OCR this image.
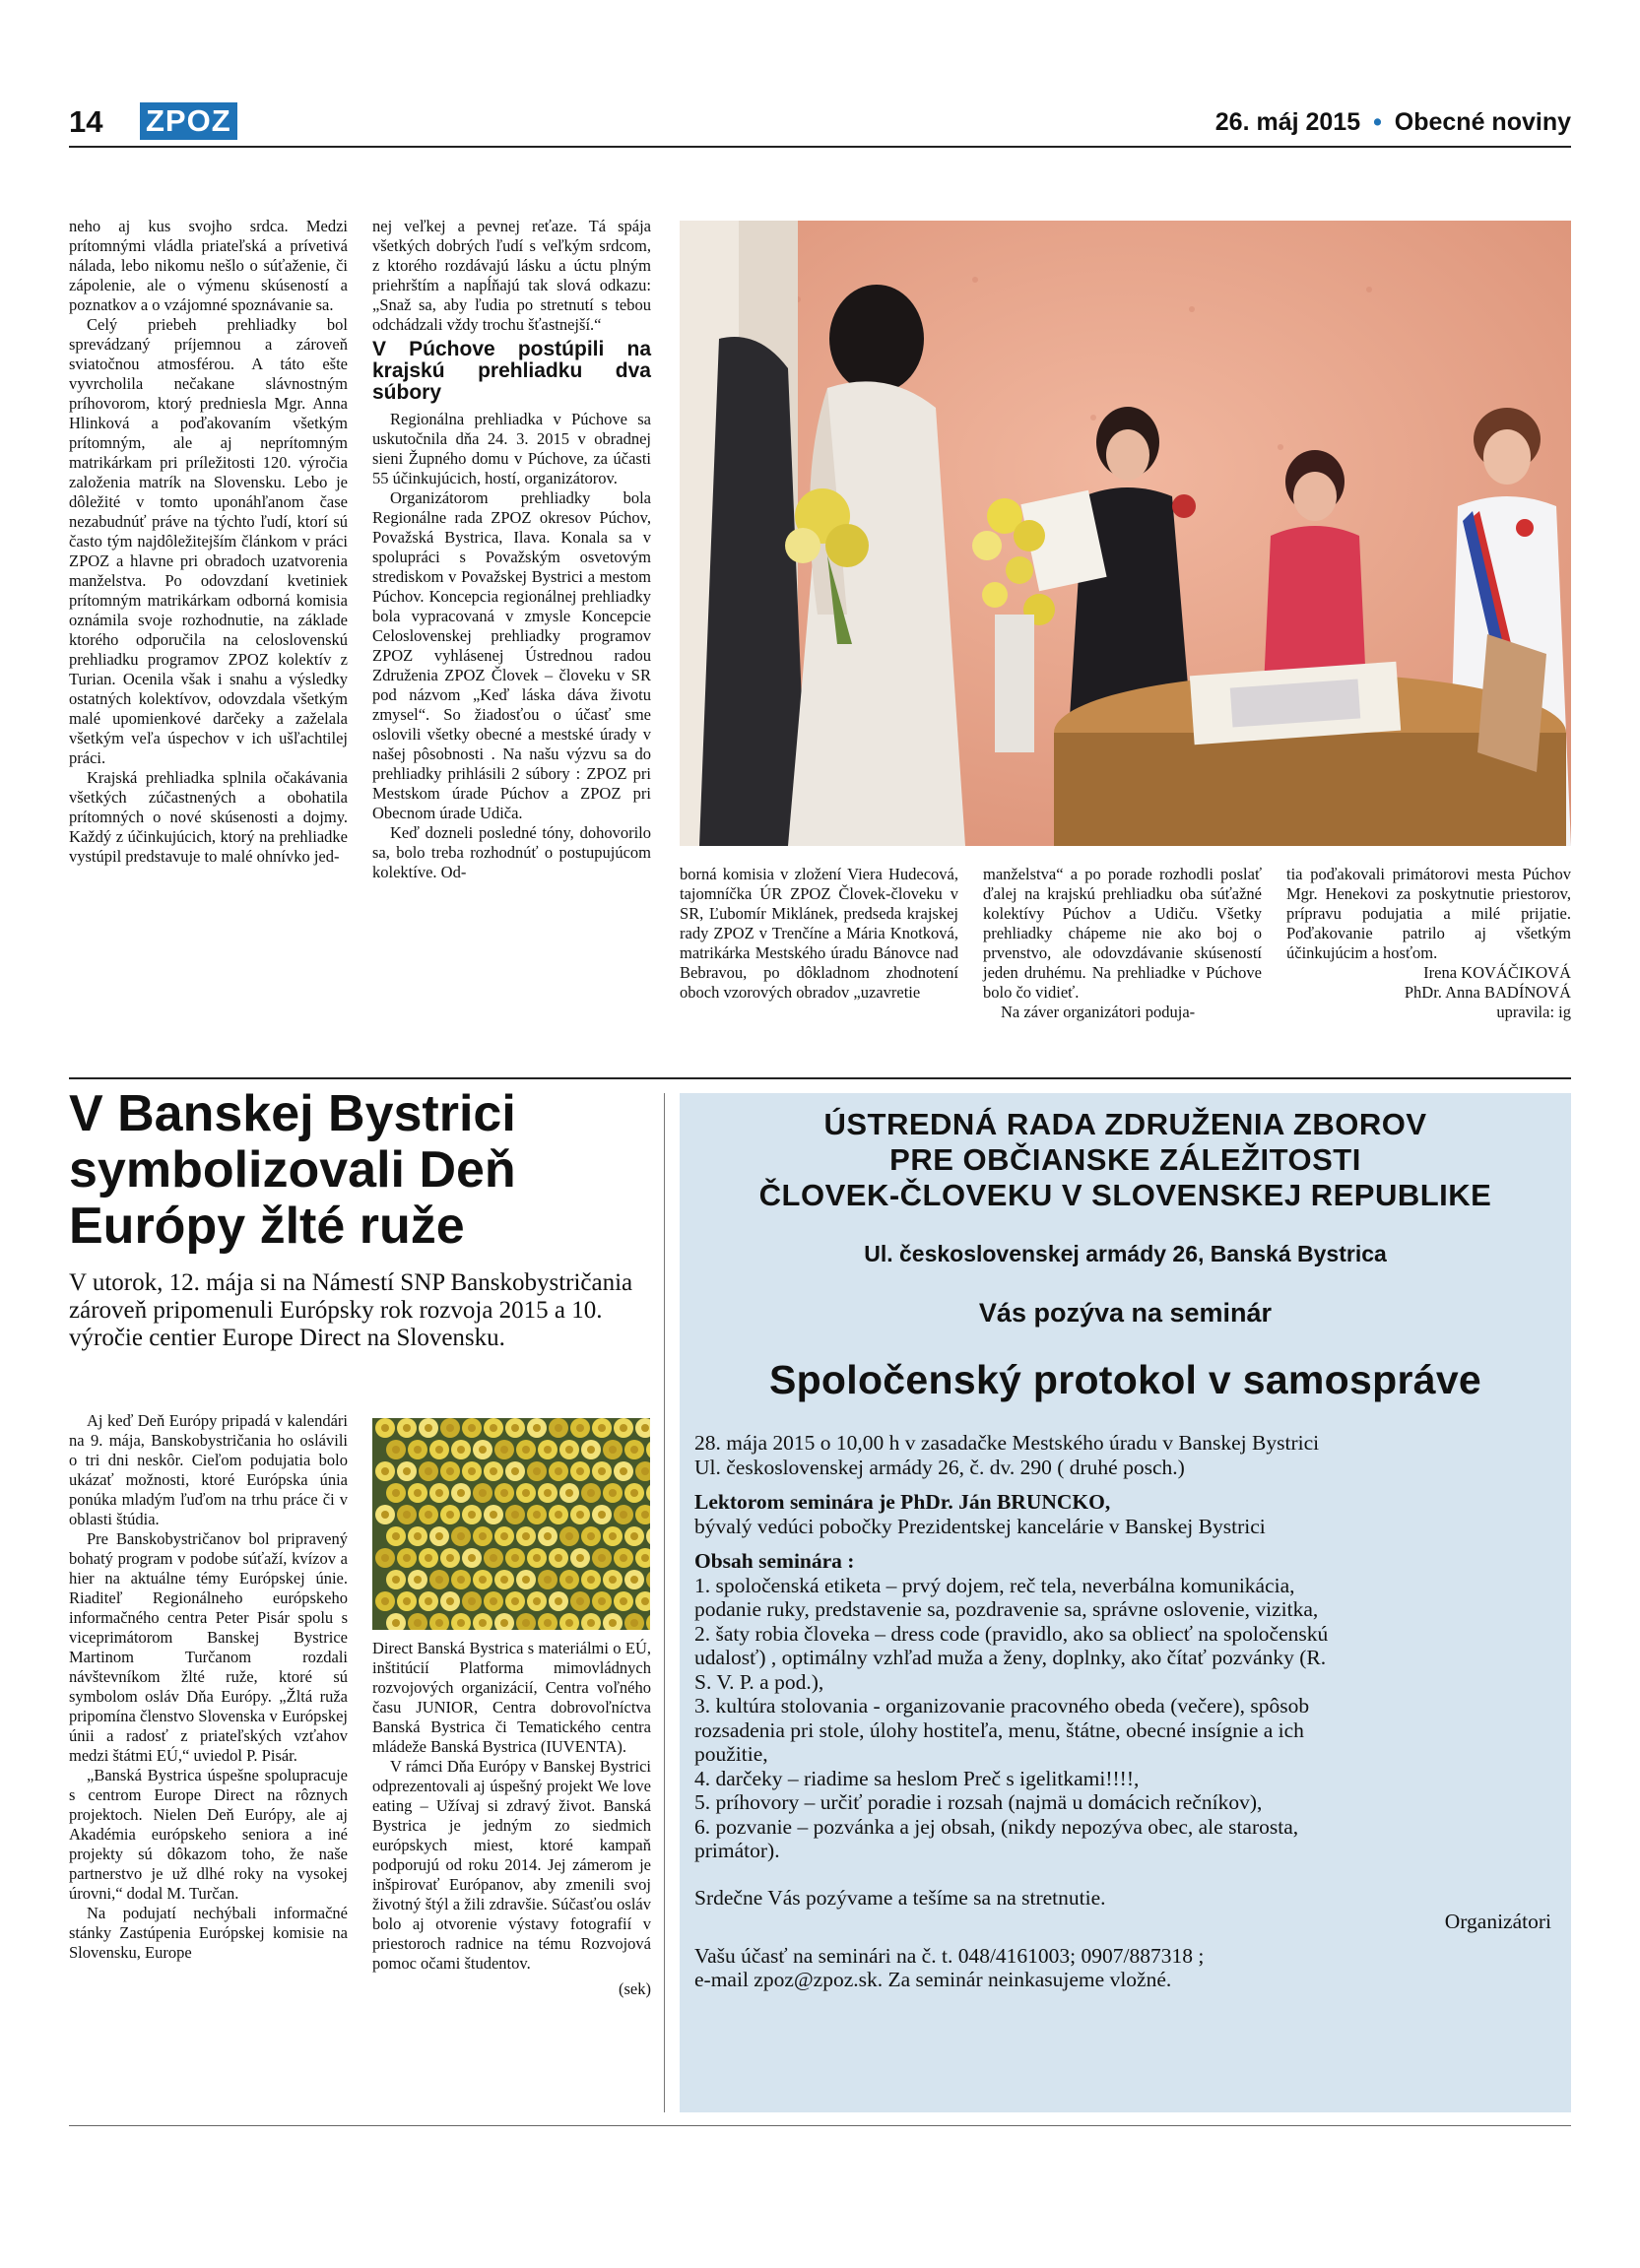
14 ZPOZ	26. máj 2015 • Obecné noviny

neho aj kus svojho srdca. Medzi prítomnými vládla priateľská a prívetivá nálada, lebo nikomu nešlo o súťaženie, či zápolenie, ale o výmenu skúseností a poznatkov a o vzájomné spoznávanie sa.

Celý priebeh prehliadky bol sprevádzaný príjemnou a zároveň sviatočnou atmosférou. A táto ešte vyvrcholila nečakane slávnostným príhovorom, ktorý predniesla Mgr. Anna Hlinková a poďakovaním všetkým prítomným, ale aj neprítomným matrikárkam pri príležitosti 120. výročia založenia matrík na Slovensku. Lebo je dôležité v tomto uponáhľanom čase nezabudnúť práve na týchto ľudí, ktorí sú často tým najdôležitejším článkom v práci ZPOZ a hlavne pri obradoch uzatvorenia manželstva. Po odovzdaní kvetiniek prítomným matrikárkam odborná komisia oznámila svoje rozhodnutie, na základe ktorého odporučila na celoslovenskú prehliadku programov ZPOZ kolektív z Turian. Ocenila však i snahu a výsledky ostatných kolektívov, odovzdala všetkým malé upomienkové darčeky a zaželala všetkým veľa úspechov v ich ušľachtilej práci.

Krajská prehliadka splnila očakávania všetkých zúčastnených a obohatila prítomných o nové skúsenosti a dojmy. Každý z účinkujúcich, ktorý na prehliadke vystúpil predstavuje to malé ohnívko jed-

nej veľkej a pevnej reťaze. Tá spája všetkých dobrých ľudí s veľkým srdcom, z ktorého rozdávajú lásku a úctu plným priehrštím a napĺňajú tak slová odkazu: „Snaž sa, aby ľudia po stretnutí s tebou odchádzali vždy trochu šťastnejší.“

V Púchove postúpili na krajskú prehliadku dva súbory

Regionálna prehliadka v Púchove sa uskutočnila dňa 24. 3. 2015 v obradnej sieni Župného domu v Púchove, za účasti 55 účinkujúcich, hostí, organizátorov.

Organizátorom prehliadky bola Regionálne rada ZPOZ okresov Púchov, Považská Bystrica, Ilava. Konala sa v spolupráci s Považským osvetovým strediskom v Považskej Bystrici a mestom Púchov. Koncepcia regionálnej prehliadky bola vypracovaná v zmysle Koncepcie Celoslovenskej prehliadky programov ZPOZ vyhlásenej Ústrednou radou Združenia ZPOZ Človek – človeku v SR pod názvom „Keď láska dáva životu zmysel“. So žiadosťou o účasť sme oslovili všetky obecné a mestské úrady v našej pôsobnosti . Na našu výzvu sa do prehliadky prihlásili 2 súbory : ZPOZ pri Mestskom úrade Púchov a ZPOZ pri Obecnom úrade Udiča.

Keď dozneli posledné tóny, dohovorilo sa, bolo treba rozhodnúť o postupujúcom kolektíve. Od-	borná komisia v zložení Viera Hudecová, tajomníčka ÚR ZPOZ Človek-človeku v SR, Ľubomír Miklánek, predseda krajskej rady ZPOZ v Trenčíne a Mária Knotková, matrikárka Mestského úradu Bánovce nad Bebravou, po dôkladnom zhodnotení oboch vzorových obradov „uzavretie

manželstva“ a po porade rozhodli poslať ďalej na krajskú prehliadku oba súťažné kolektívy Púchov a Udiču. Všetky prehliadky chápeme nie ako boj o prvenstvo, ale odovzdávanie skúseností jeden druhému. Na prehliadke v Púchove bolo čo vidieť.

Na záver organizátori poduja-

tia poďakovali primátorovi mesta Púchov Mgr. Henekovi za poskytnutie priestorov, prípravu podujatia a milé prijatie. Poďakovanie patrilo aj všetkým účinkujúcim a hosťom.

Irena KOVÁČIKOVÁ
PhDr. Anna BADÍNOVÁ
upravila: ig
V Banskej Bystrici
symbolizovali Deň
Európy žlté ruže
V utorok, 12. mája si na Námestí SNP Banskobystričania zároveň pripomenuli Európsky rok rozvoja 2015 a 10. výročie centier Europe Direct na Slovensku.

Aj keď Deň Európy pripadá v kalendári na 9. mája, Banskobystričania ho oslávili o tri dni neskôr. Cieľom podujatia bolo ukázať možnosti, ktoré Európska únia ponúka mladým ľuďom na trhu práce či v oblasti štúdia.

Pre Banskobystričanov bol pripravený bohatý program v podobe súťaží, kvízov a hier na aktuálne témy Európskej únie. Riaditeľ Regionálneho európskeho informačného centra Peter Pisár spolu s viceprimátorom Banskej Bystrice Martinom Turčanom rozdali návštevníkom žlté ruže, ktoré sú symbolom osláv Dňa Európy. „Žltá ruža pripomína členstvo Slovenska v Európskej únii a radosť z priateľských vzťahov medzi štátmi EÚ,“ uviedol P. Pisár.

„Banská Bystrica úspešne spolupracuje s centrom Europe Direct na rôznych projektoch. Nielen Deň Európy, ale aj Akadémia európskeho seniora a iné projekty sú dôkazom toho, že naše partnerstvo je už dlhé roky na vysokej úrovni,“ dodal M. Turčan.

Na podujatí nechýbali informačné stánky Zastúpenia Európskej komisie na Slovensku, Europe

Direct Banská Bystrica s materiálmi o EÚ, inštitúcií Platforma mimovládnych rozvojových organizácií, Centra voľného času JUNIOR, Centra dobrovoľníctva Banská Bystrica či Tematického centra mládeže Banská Bystrica (IUVENTA).

V rámci Dňa Európy v Banskej Bystrici odprezentovali aj úspešný projekt We love eating – Užívaj si zdravý život. Banská Bystrica je jedným zo siedmich európskych miest, ktoré kampaň podporujú od roku 2014. Jej zámerom je inšpirovať Európanov, aby zmenili svoj životný štýl a žili zdravšie. Súčasťou osláv bolo aj otvorenie výstavy fotografií v priestoroch radnice na tému Rozvojová pomoc očami študentov.

(sek)
ÚSTREDNÁ RADA ZDRUŽENIA ZBOROV
PRE OBČIANSKE ZÁLEŽITOSTI
ČLOVEK-ČLOVEKU V SLOVENSKEJ REPUBLIKE
Ul. československej armády 26, Banská Bystrica
Vás pozýva na seminár
Spoločenský protokol v samospráve
28. mája 2015 o 10,00 h v zasadačke Mestského úradu v Banskej Bystrici
Ul. československej armády 26, č. dv. 290 ( druhé posch.)
Lektorom seminára je PhDr. Ján BRUNCKO,
bývalý vedúci pobočky Prezidentskej kancelárie v Banskej Bystrici
Obsah seminára :
1. spoločenská etiketa – prvý dojem, reč tela, neverbálna komunikácia,
podanie ruky, predstavenie sa, pozdravenie sa, správne oslovenie, vizitka,
2. šaty robia človeka – dress code (pravidlo, ako sa obliecť na spoločenskú
udalosť) , optimálny vzhľad muža a ženy, doplnky, ako čítať pozvánky (R.
S. V. P. a pod.),
3. kultúra stolovania - organizovanie pracovného obeda (večere), spôsob
rozsadenia pri stole, úlohy hostiteľa, menu, štátne, obecné insígnie a ich
použitie,
4. darčeky – riadime sa heslom Preč s igelitkami!!!!,
5. príhovory – určiť poradie i rozsah (najmä u domácich rečníkov),
6. pozvanie – pozvánka a jej obsah, (nikdy nepozýva obec, ale starosta,
primátor).
Srdečne Vás pozývame a tešíme sa na stretnutie.
Organizátori
Vašu účasť na seminári na č. t. 048/4161003; 0907/887318 ;
e-mail zpoz@zpoz.sk. Za seminár neinkasujeme vložné.
